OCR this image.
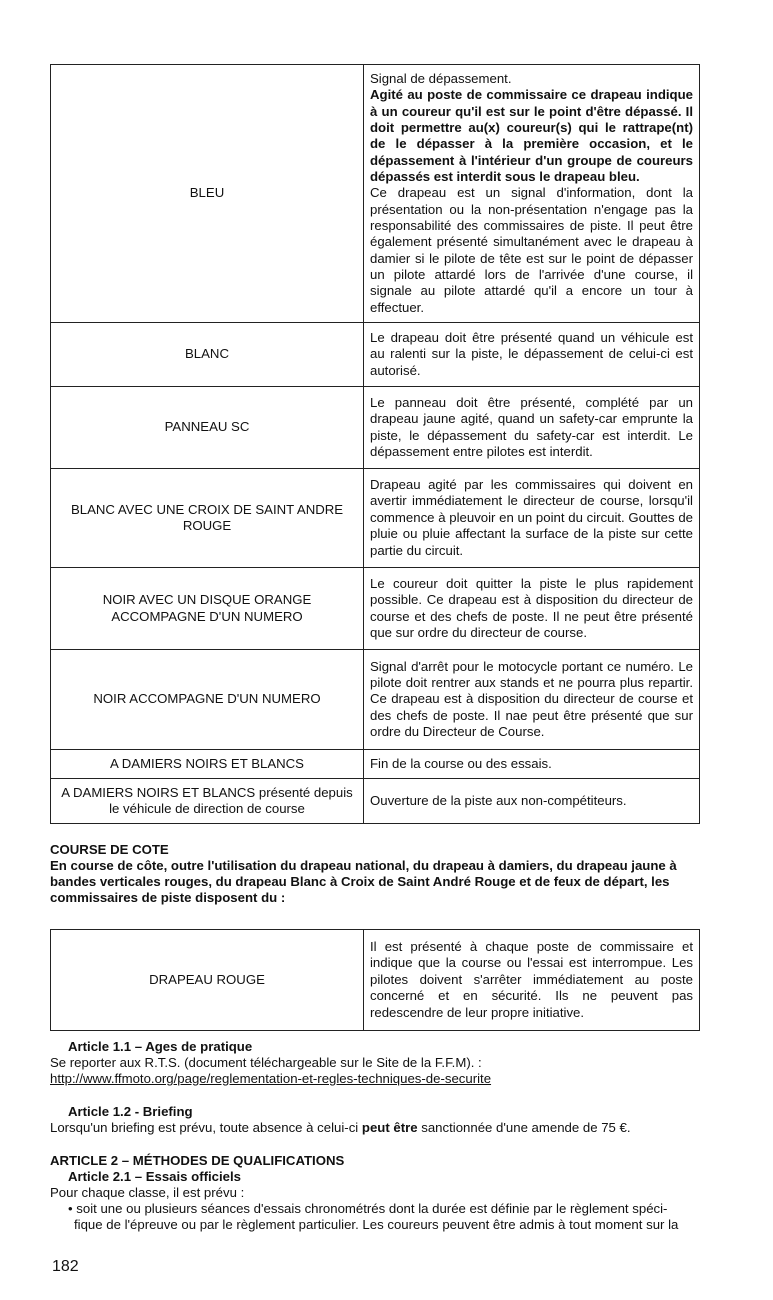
BLEU	Signal de dépassement.
Agité au poste de commissaire ce drapeau indique à un coureur qu'il est sur le point d'être dépassé. Il doit permettre au(x) coureur(s) qui le rattrape(nt) de le dépasser à la première occasion, et le dépassement à l'intérieur d'un groupe de coureurs dépassés est interdit sous le drapeau bleu.
Ce drapeau est un signal d'information, dont la présentation ou la non-présentation n'engage pas la responsabilité des commissaires de piste. Il peut être également présenté simultanément avec le drapeau à damier si le pilote de tête est sur le point de dépasser un pilote attardé lors de l'arrivée d'une course, il signale au pilote attardé qu'il a encore un tour à effectuer.
BLANC	Le drapeau doit être présenté quand un véhicule est au ralenti sur la piste, le dépassement de celui-ci est autorisé.
PANNEAU SC	Le panneau doit être présenté, complété par un drapeau jaune agité, quand un safety-car emprunte la piste, le dépassement du safety-car est interdit. Le dépassement entre pilotes est interdit.
BLANC AVEC UNE CROIX DE SAINT ANDRE ROUGE	Drapeau agité par les commissaires qui doivent en avertir immédiatement le directeur de course, lorsqu'il commence à pleuvoir en un point du circuit. Gouttes de pluie ou pluie affectant la surface de la piste sur cette partie du circuit.
NOIR AVEC UN DISQUE ORANGE ACCOMPAGNE D'UN NUMERO	Le coureur doit quitter la piste le plus rapidement possible. Ce drapeau est à disposition du directeur de course et des chefs de poste. Il ne peut être présenté que sur ordre du directeur de course.
NOIR ACCOMPAGNE D'UN NUMERO	Signal d'arrêt pour le motocycle portant ce numéro. Le pilote doit rentrer aux stands et ne pourra plus repartir. Ce drapeau est à disposition du directeur de course et des chefs de poste. Il nae peut être présenté que sur ordre du Directeur de Course.
A DAMIERS NOIRS ET BLANCS	Fin de la course ou des essais.
A DAMIERS NOIRS ET BLANCS présenté depuis le véhicule de direction de course	Ouverture de la piste aux non-compétiteurs.
COURSE DE COTE
En course de côte, outre l'utilisation du drapeau national, du drapeau à damiers, du drapeau jaune à bandes verticales rouges, du drapeau Blanc à Croix de Saint André Rouge et de feux de départ, les commissaires de piste disposent du :
DRAPEAU ROUGE	Il est présenté à chaque poste de commissaire et indique que la course ou l'essai est interrompue. Les pilotes doivent s'arrêter immédiatement au poste concerné et en sécurité. Ils ne peuvent pas redescendre de leur propre initiative.
Article 1.1 – Ages de pratique
Se reporter aux R.T.S. (document téléchargeable sur le Site de la F.F.M). :
http://www.ffmoto.org/page/reglementation-et-regles-techniques-de-securite
Article 1.2 - Briefing
Lorsqu'un briefing est prévu, toute absence à celui-ci peut être sanctionnée d'une amende de 75 €.
ARTICLE 2 – MÉTHODES DE QUALIFICATIONS
Article 2.1 – Essais officiels
Pour chaque classe, il est prévu :
• soit une ou plusieurs séances d'essais chronométrés dont la durée est définie par le règlement spéci-
fique de l'épreuve ou par le règlement particulier. Les coureurs peuvent être admis à tout moment sur la
182
